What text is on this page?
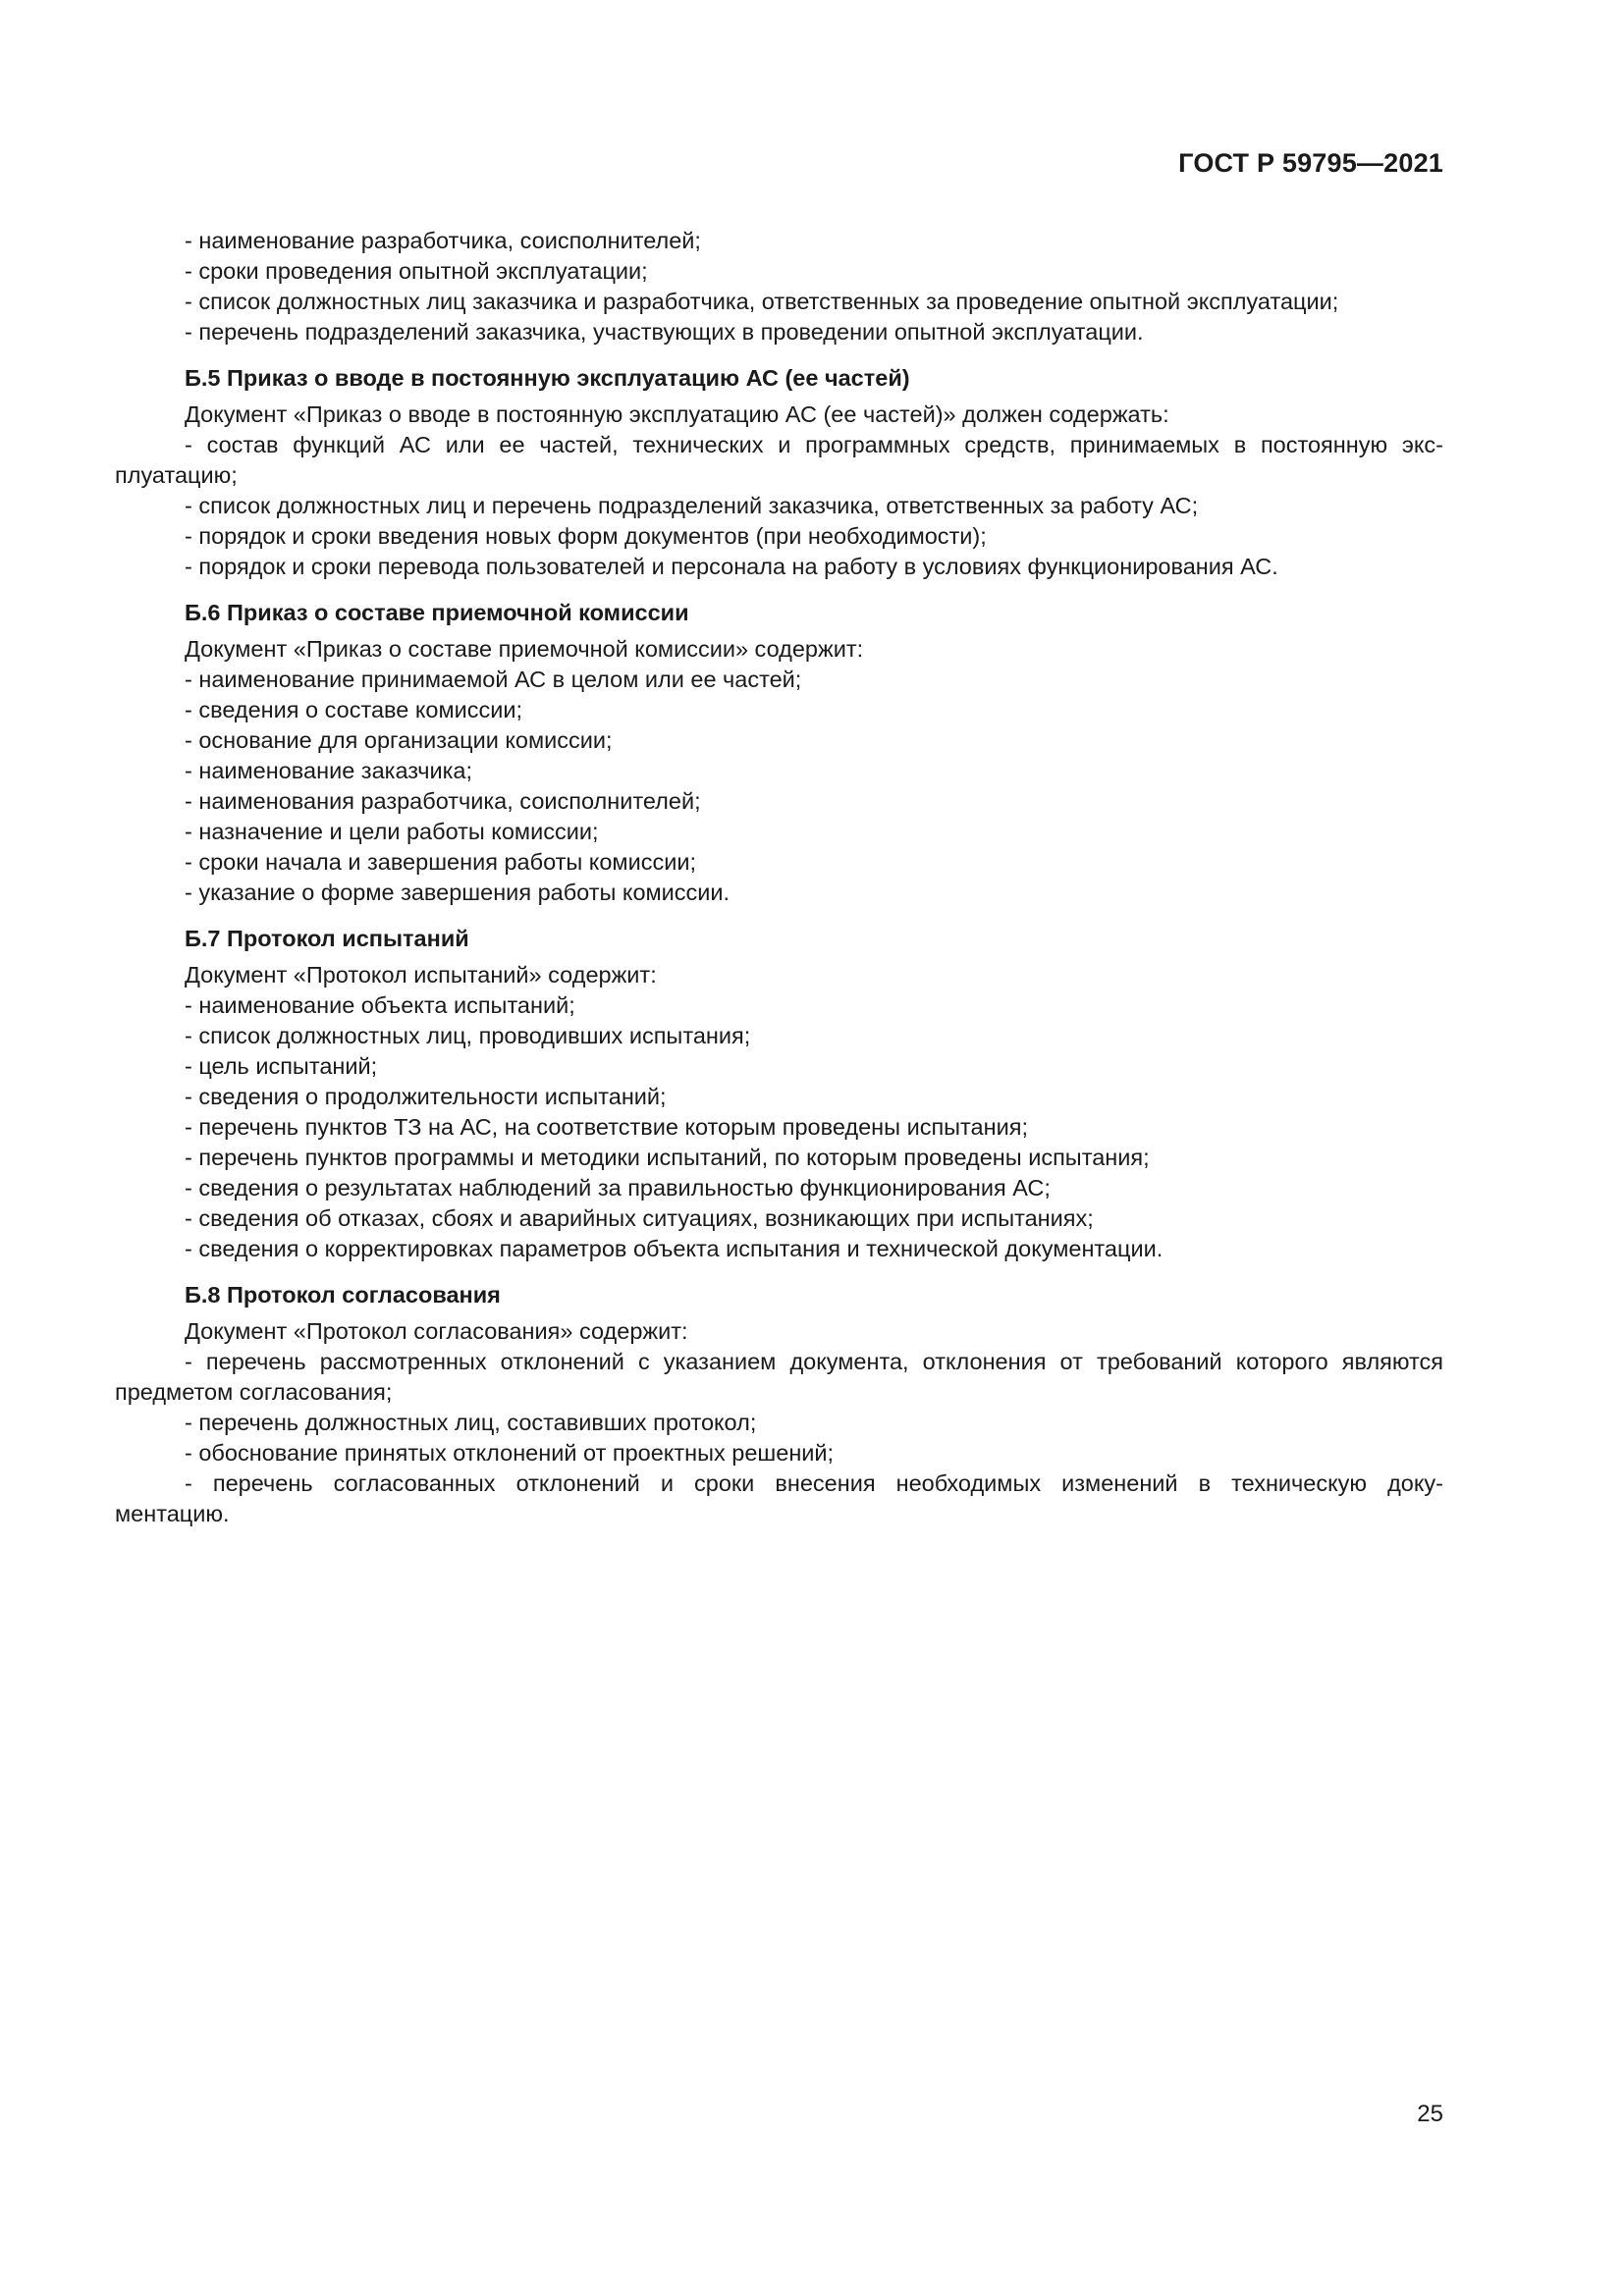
ГОСТ Р 59795—2021

- наименование разработчика, соисполнителей;

- сроки проведения опытной эксплуатации;

- список должностных лиц заказчика и разработчика, ответственных за проведение опытной эксплуатации;

- перечень подразделений заказчика, участвующих в проведении опытной эксплуатации.

Б.5 Приказ о вводе в постоянную эксплуатацию АС (ее частей)

Документ «Приказ о вводе в постоянную эксплуатацию АС (ее частей)» должен содержать:

- состав функций АС или ее частей, технических и программных средств, принимаемых в постоянную экс-

плуатацию;

- список должностных лиц и перечень подразделений заказчика, ответственных за работу АС;

- порядок и сроки введения новых форм документов (при необходимости);

- порядок и сроки перевода пользователей и персонала на работу в условиях функционирования АС.

Б.6 Приказ о составе приемочной комиссии

Документ «Приказ о составе приемочной комиссии» содержит:

- наименование принимаемой АС в целом или ее частей;

- сведения о составе комиссии;

- основание для организации комиссии;

- наименование заказчика;

- наименования разработчика, соисполнителей;

- назначение и цели работы комиссии;

- сроки начала и завершения работы комиссии;

- указание о форме завершения работы комиссии.

Б.7 Протокол испытаний

Документ «Протокол испытаний» содержит:

- наименование объекта испытаний;

- список должностных лиц, проводивших испытания;

- цель испытаний;

- сведения о продолжительности испытаний;

- перечень пунктов ТЗ на АС, на соответствие которым проведены испытания;

- перечень пунктов программы и методики испытаний, по которым проведены испытания;

- сведения о результатах наблюдений за правильностью функционирования АС;

- сведения об отказах, сбоях и аварийных ситуациях, возникающих при испытаниях;

- сведения о корректировках параметров объекта испытания и технической документации.

Б.8 Протокол согласования

Документ «Протокол согласования» содержит:

- перечень рассмотренных отклонений с указанием документа, отклонения от требований которого являются

предметом согласования;

- перечень должностных лиц, составивших протокол;

- обоснование принятых отклонений от проектных решений;

- перечень согласованных отклонений и сроки внесения необходимых изменений в техническую доку-

ментацию.

25
